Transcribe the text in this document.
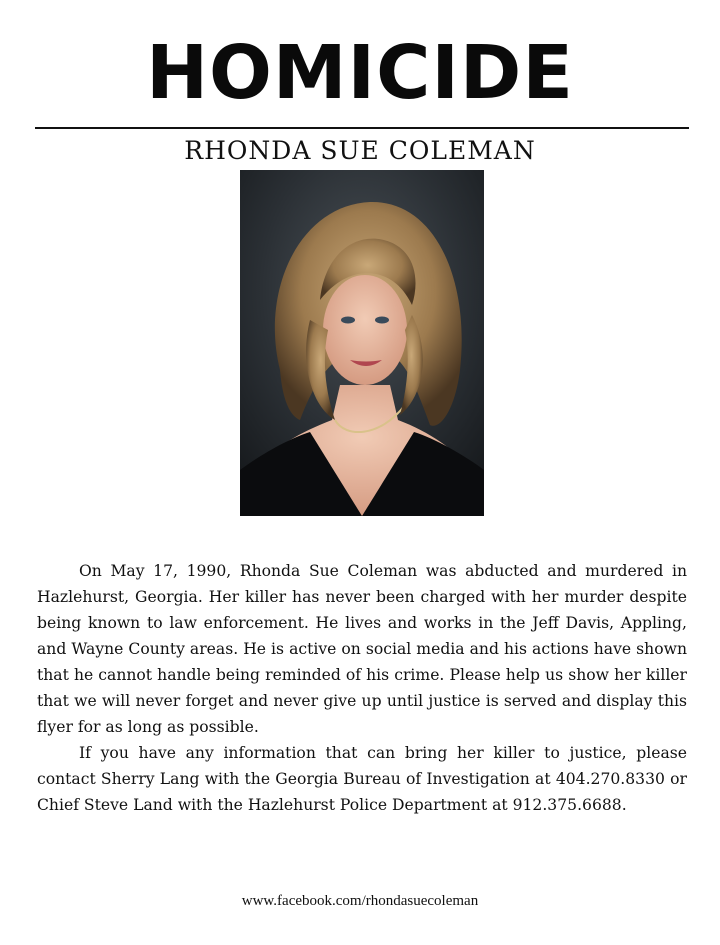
HOMICIDE
RHONDA SUE COLEMAN

On May 17, 1990, Rhonda Sue Coleman was abducted and murdered in Hazlehurst, Georgia. Her killer has never been charged with her murder despite being known to law enforcement. He lives and works in the Jeff Davis, Appling, and Wayne County areas. He is active on social media and his actions have shown that he cannot handle being reminded of his crime. Please help us show her killer that we will never forget and never give up until justice is served and display this flyer for as long as possible.

If you have any information that can bring her killer to justice, please contact Sherry Lang with the Georgia Bureau of Investigation at 404.270.8330 or Chief Steve Land with the Hazlehurst Police Department at 912.375.6688.

www.facebook.com/rhondasuecoleman
